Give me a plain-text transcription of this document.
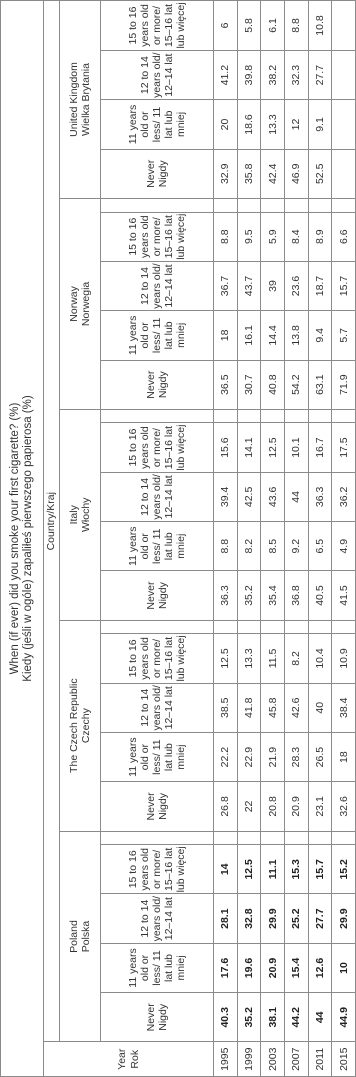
When (if ever) did you smoke your first cigarette? (%) Kiedy (jeśli w ogóle) zapaliłeś pierwszego papierosa (%)																								

Year Rok	Country/Kraj																							

	Poland Polska					The Czech Republic Czechy					Italy Włochy					Norway Norwegia					United Kingdom Wielka Brytania			

	Never Nigdy	11 years old or less/ 11 lat lub mniej	12 to 14 years old/ 12–14 lat	15 to 16 years old or more/ 15–16 lat lub więcej		Never Nigdy	11 years old or less/ 11 lat lub mniej	12 to 14 years old/ 12–14 lat	15 to 16 years old or more/ 15–16 lat lub więcej		Never Nigdy	11 years old or less/ 11 lat lub mniej	12 to 14 years old/ 12–14 lat	15 to 16 years old or more/ 15–16 lat lub więcej		Never Nigdy	11 years old or less/ 11 lat lub mniej	12 to 14 years old/ 12–14 lat	15 to 16 years old or more/ 15–16 lat lub więcej		Never Nigdy	11 years old or less/ 11 lat lub mniej	12 to 14 years old/ 12–14 lat	15 to 16 years old or more/ 15–16 lat lub więcej
1995	40.3	17.6	28.1	14		26.8	22.2	38.5	12.5		36.3	8.8	39.4	15.6		36.5	18	36.7	8.8		32.9	20	41.2	6
1999	35.2	19.6	32.8	12.5		22	22.9	41.8	13.3		35.2	8.2	42.5	14.1		30.7	16.1	43.7	9.5		35.8	18.6	39.8	5.8
2003	38.1	20.9	29.9	11.1		20.8	21.9	45.8	11.5		35.4	8.5	43.6	12.5		40.8	14.4	39	5.9		42.4	13.3	38.2	6.1
2007	44.2	15.4	25.2	15.3		20.9	28.3	42.6	8.2		36.8	9.2	44	10.1		54.2	13.8	23.6	8.4		46.9	12	32.3	8.8
2011	44	12.6	27.7	15.7		23.1	26.5	40	10.4		40.5	6.5	36.3	16.7		63.1	9.4	18.7	8.9		52.5	9.1	27.7	10.8
2015	44.9	10	29.9	15.2		32.6	18	38.4	10.9		41.5	4.9	36.2	17.5		71.9	5.7	15.7	6.6					
